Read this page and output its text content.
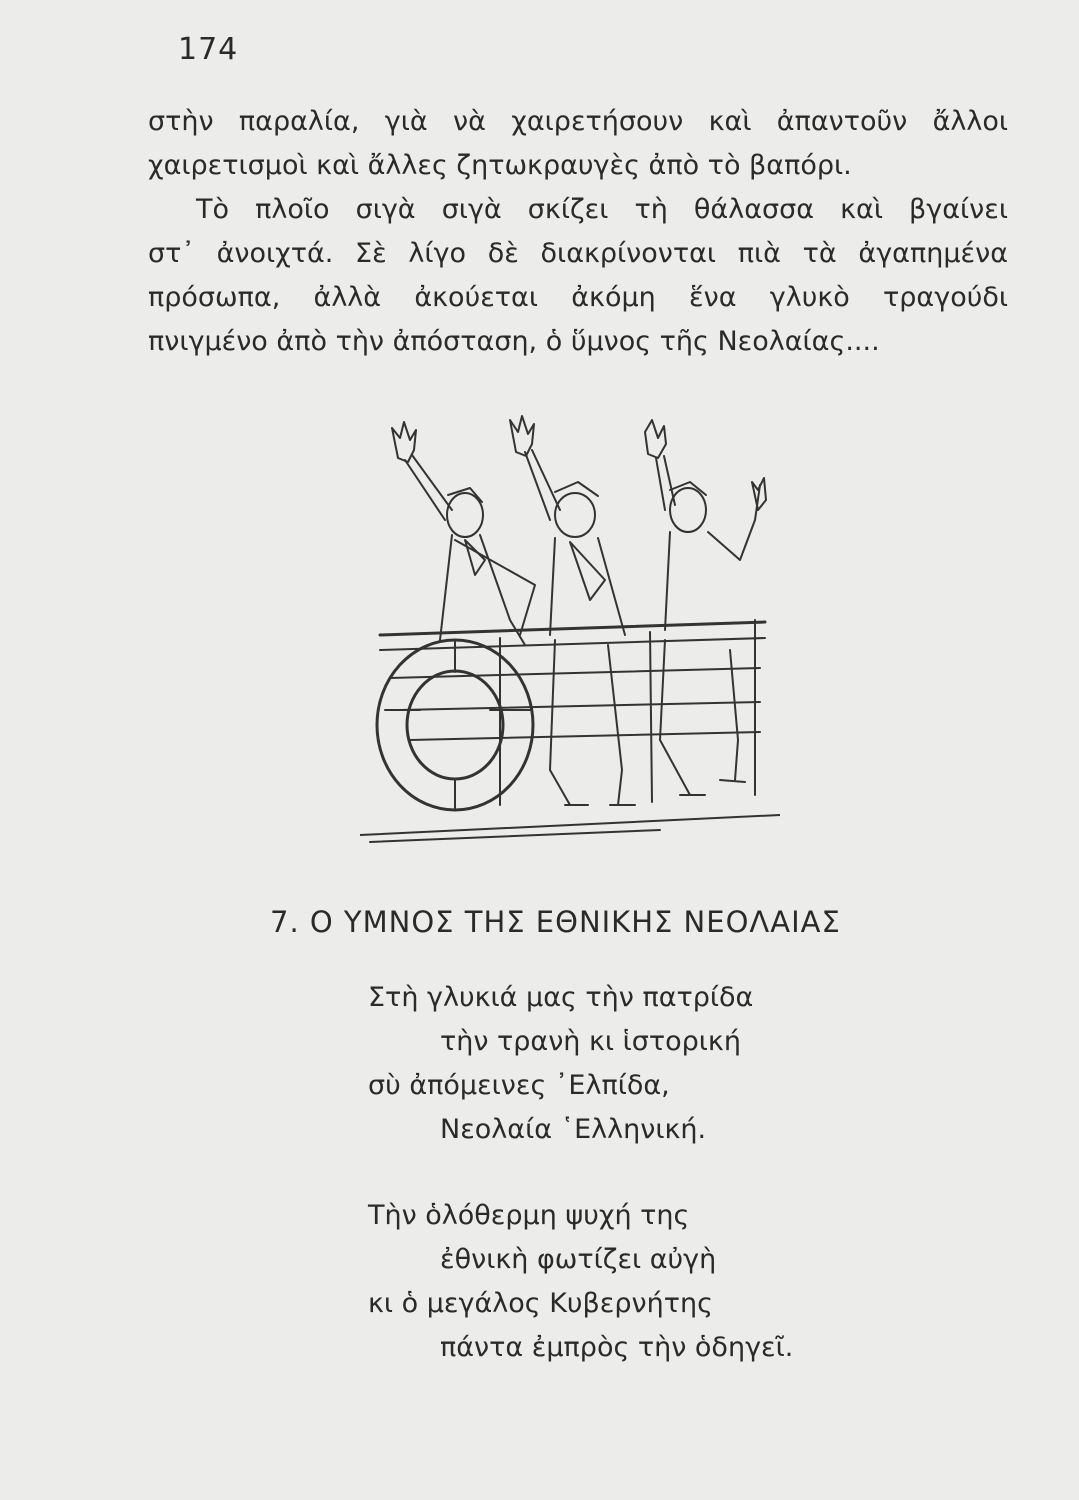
174
στὴν παραλία, γιὰ νὰ χαιρετήσουν καὶ ἀπαντοῦν ἄλλοι
χαιρετισμοὶ καὶ ἄλλες ζητωκραυγὲς ἀπὸ τὸ βαπόρι.
Τὸ πλοῖο σιγὰ σιγὰ σκίζει τὴ θάλασσα καὶ βγαίνει
στ᾿ ἀνοιχτά. Σὲ λίγο δὲ διακρίνονται πιὰ τὰ ἀγαπημένα
πρόσωπα, ἀλλὰ ἀκούεται ἀκόμη ἕνα γλυκὸ τραγούδι
πνιγμένο ἀπὸ τὴν ἀπόσταση, ὁ ὕμνος τῆς Νεολαίας....
7. Ο ΥΜΝΟΣ ΤΗΣ ΕΘΝΙΚΗΣ ΝΕΟΛΑΙΑΣ
Στὴ γλυκιά μας τὴν πατρίδα
τὴν τρανὴ κι ἱστορική
σὺ ἀπόμεινες ᾿Ελπίδα,
Νεολαία ῾Ελληνική.
Τὴν ὁλόθερμη ψυχή της
ἐθνικὴ φωτίζει αὐγὴ
κι ὁ μεγάλος Κυβερνήτης
πάντα ἐμπρὸς τὴν ὁδηγεῖ.
